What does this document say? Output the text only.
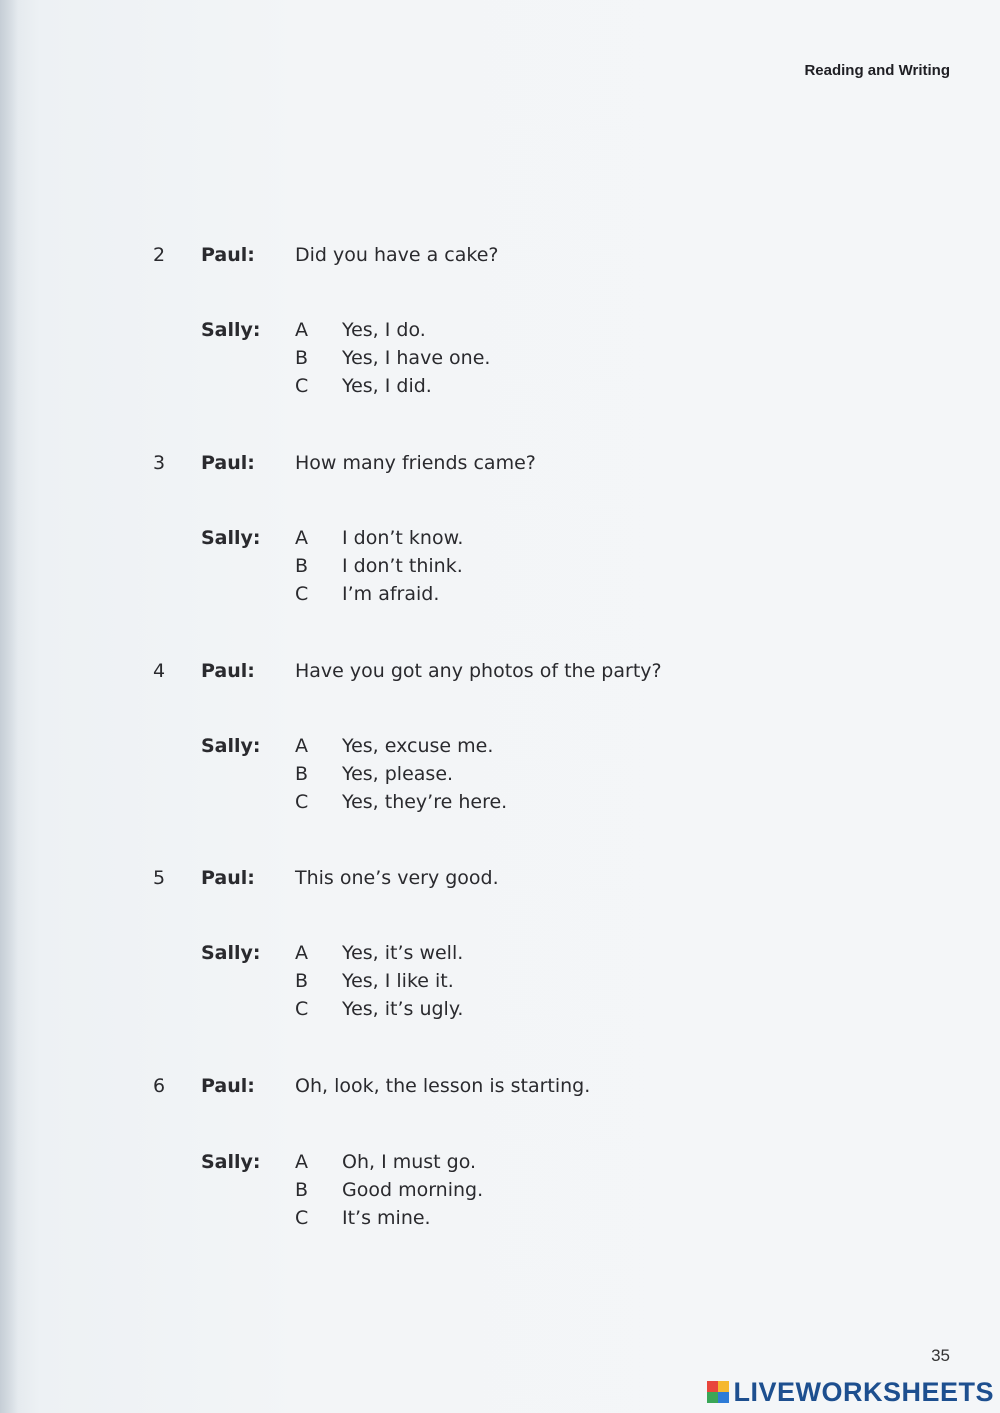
Reading and Writing
2 Paul: Did you have a cake?
Sally: A Yes, I do.
B Yes, I have one.
C Yes, I did.
3 Paul: How many friends came?
Sally: A I don’t know.
B I don’t think.
C I’m afraid.
4 Paul: Have you got any photos of the party?
Sally: A Yes, excuse me.
B Yes, please.
C Yes, they’re here.
5 Paul: This one’s very good.
Sally: A Yes, it’s well.
B Yes, I like it.
C Yes, it’s ugly.
6 Paul: Oh, look, the lesson is starting.
Sally: A Oh, I must go.
B Good morning.
C It’s mine.
35
LIVEWORKSHEETS
